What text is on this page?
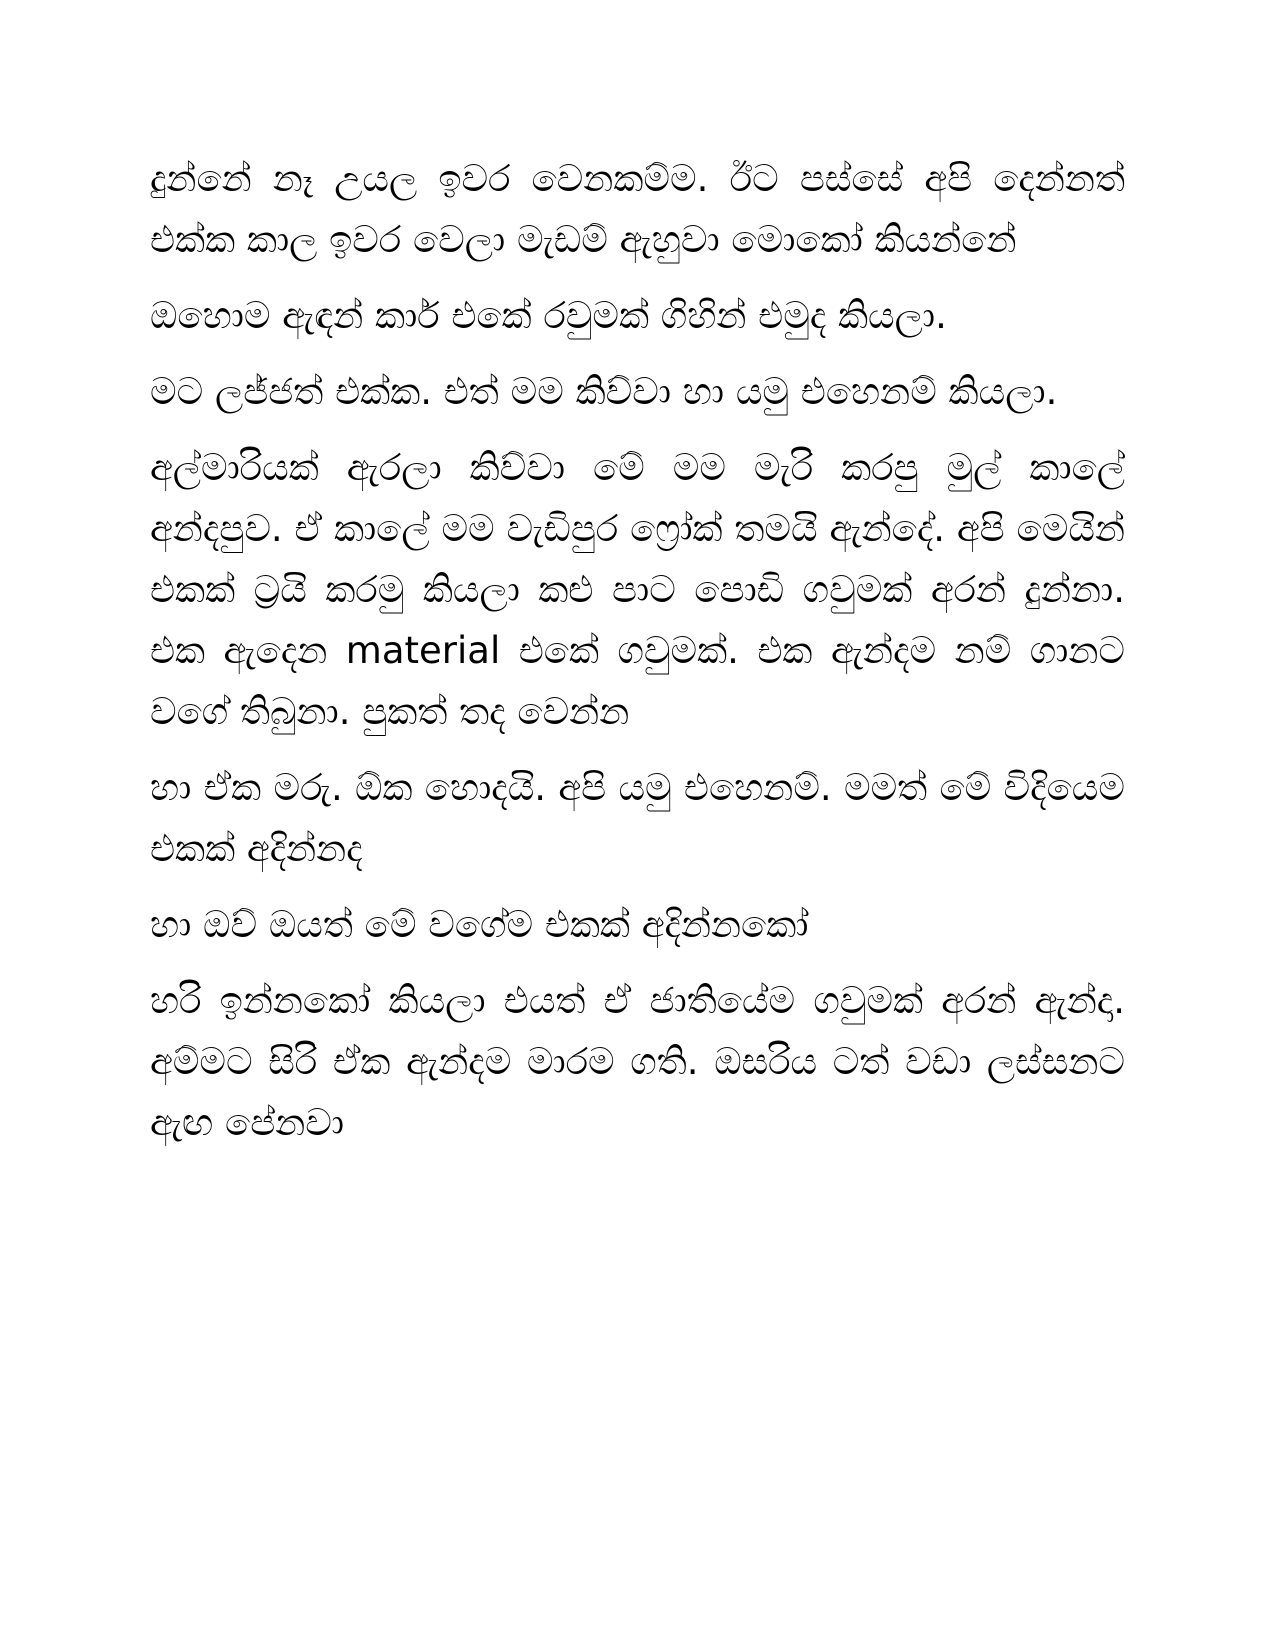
දුන්නේ නෑ උයල ඉවර වෙනකම්ම. ඊට පස්සේ අපි දෙන්නත් එක්ක කාල ඉවර වෙලා මැඩම් ඇහුවා මොකෝ කියන්නේ

ඔහොම ඇඳන් කාර් එකේ රවුමක් ගිහින් එමුද කියලා.

මට ලජ්ජත් එක්ක. එත් මම කිව්වා හා යමු එහෙනම් කියලා.

අල්මාරියක් ඇරලා කිව්වා මේ මම මැරි කරපු මුල් කාලේ අන්දපුව. ඒ කාලේ මම වැඩිපුර ෆ්‍රෝක් තමයි ඇන්දේ. අපි මෙයින් එකක් ට්‍රයි කරමු කියලා කළු පාට පොඩි ගවුමක් අරන් දුන්නා. එක ඇදෙන material එකේ ගවුමක්. එක ඇන්දම නම් ගානට වගේ තිබුනා. පුකත් තද වෙන්න

හා ඒක මරු. ඕක හොදයි. අපි යමු එහෙනම්. මමත් මේ විදියෙම එකක් අදින්නද

හා ඔව් ඔයත් මේ වගේම එකක් අදින්නකෝ

හරි ඉන්නකෝ කියලා එයත් ඒ ජාතියේම ගවුමක් අරන් ඇන්දා. අම්මට සිරි ඒක ඇන්දම මාරම ගති. ඔසරිය ටත් වඩා ලස්සනට ඇඟ පේනවා
